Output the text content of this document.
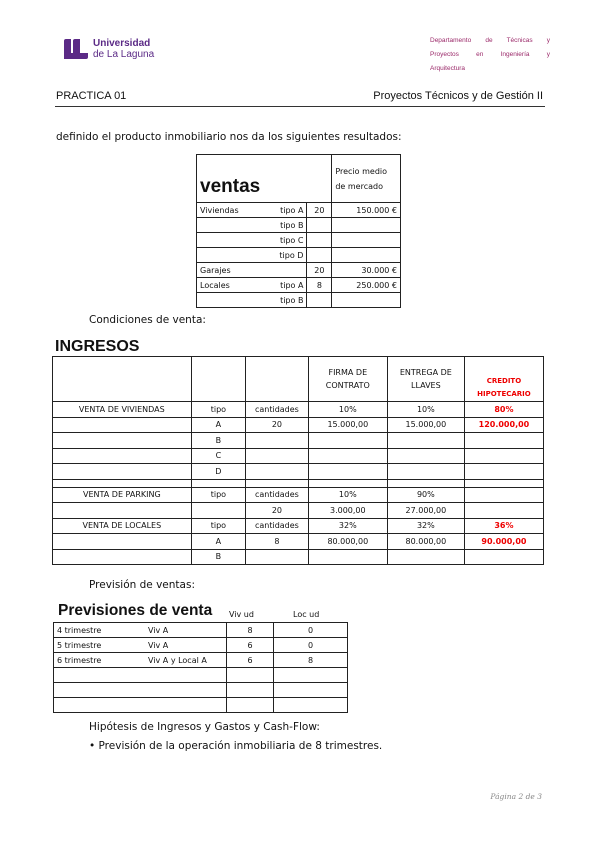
Universidad
de La Laguna
Departamento de Técnicas y
Proyectos en Ingeniería y
Arquitectura
PRACTICA 01	Proyectos Técnicos y de Gestión II
definido el producto inmobiliario nos da los siguientes resultados:
ventas			Precio medio de mercado
Viviendas	tipo A	20	150.000 €
	tipo B		
	tipo C		
	tipo D		
Garajes		20	30.000 €
Locales	tipo A	8	250.000 €
	tipo B		
Condiciones de venta:
INGRESOS
			FIRMA DE CONTRATO	ENTREGA DE LLAVES	CREDITO HIPOTECARIO
VENTA DE VIVIENDAS	tipo	cantidades	10%	10%	80%
	A	20	15.000,00	15.000,00	120.000,00
	B				
	C				
	D				

VENTA DE PARKING	tipo	cantidades	10%	90%	
		20	3.000,00	27.000,00	
VENTA DE LOCALES	tipo	cantidades	32%	32%	36%
	A	8	80.000,00	80.000,00	90.000,00
	B				
Previsión de ventas:
Previsiones de venta Viv ud	Loc ud
4 trimestre	Viv A	8	0
5 trimestre	Viv A	6	0
6 trimestre	Viv A y Local A	6	8

Hipótesis de Ingresos y Gastos y Cash-Flow:
• Previsión de la operación inmobiliaria de 8 trimestres.
Página 2 de 3
